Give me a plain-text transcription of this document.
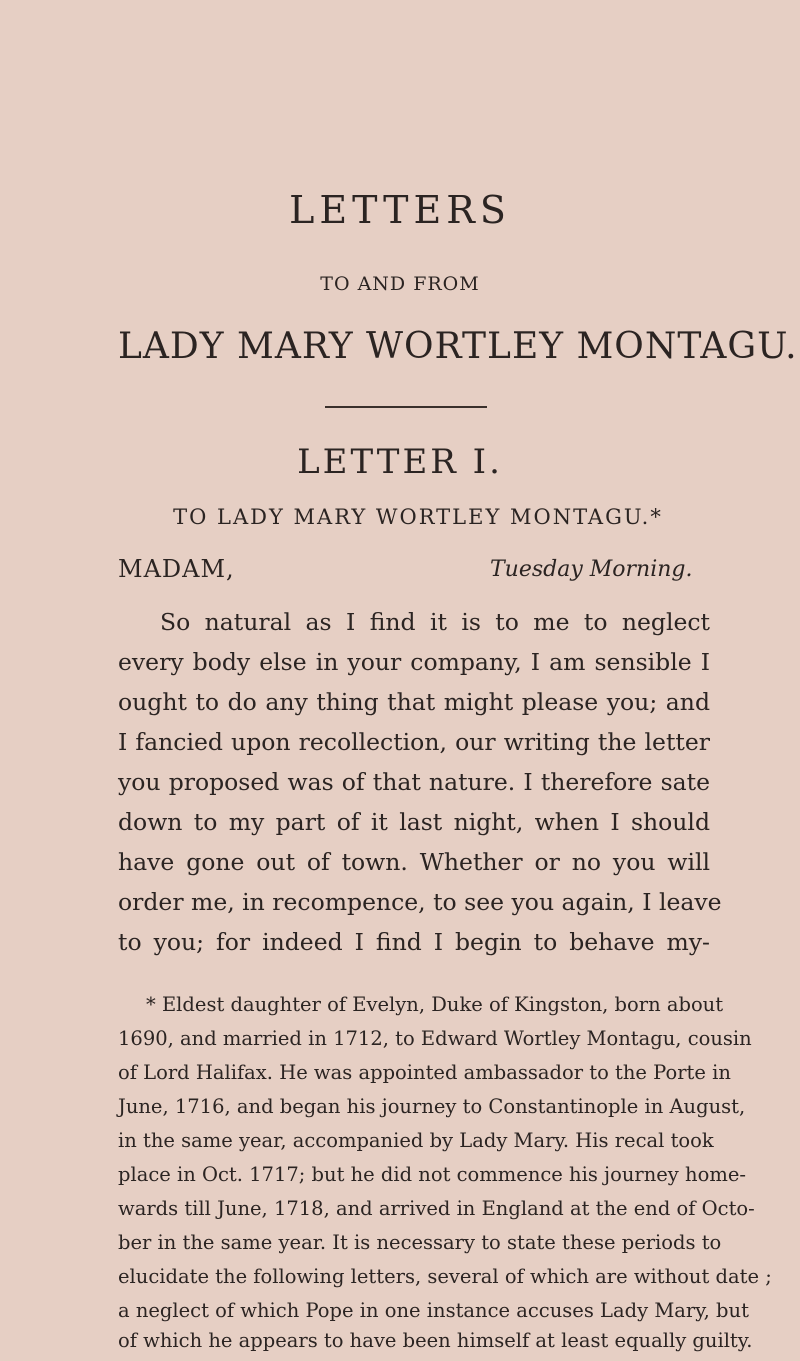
LETTERS
TO AND FROM
LADY MARY WORTLEY MONTAGU.
LETTER I.
TO LADY MARY WORTLEY MONTAGU.*
MADAM,	Tuesday Morning.
So natural as I find it is to me to neglect
every body else in your company, I am sensible I
ought to do any thing that might please you; and
I fancied upon recollection, our writing the letter
you proposed was of that nature. I therefore sate
down to my part of it last night, when I should
have gone out of town. Whether or no you will
order me, in recompence, to see you again, I leave
to you; for indeed I find I begin to behave my-
* Eldest daughter of Evelyn, Duke of Kingston, born about
1690, and married in 1712, to Edward Wortley Montagu, cousin
of Lord Halifax. He was appointed ambassador to the Porte in
June, 1716, and began his journey to Constantinople in August,
in the same year, accompanied by Lady Mary. His recal took
place in Oct. 1717; but he did not commence his journey home-
wards till June, 1718, and arrived in England at the end of Octo-
ber in the same year. It is necessary to state these periods to
elucidate the following letters, several of which are without date ;
a neglect of which Pope in one instance accuses Lady Mary, but
of which he appears to have been himself at least equally guilty.
